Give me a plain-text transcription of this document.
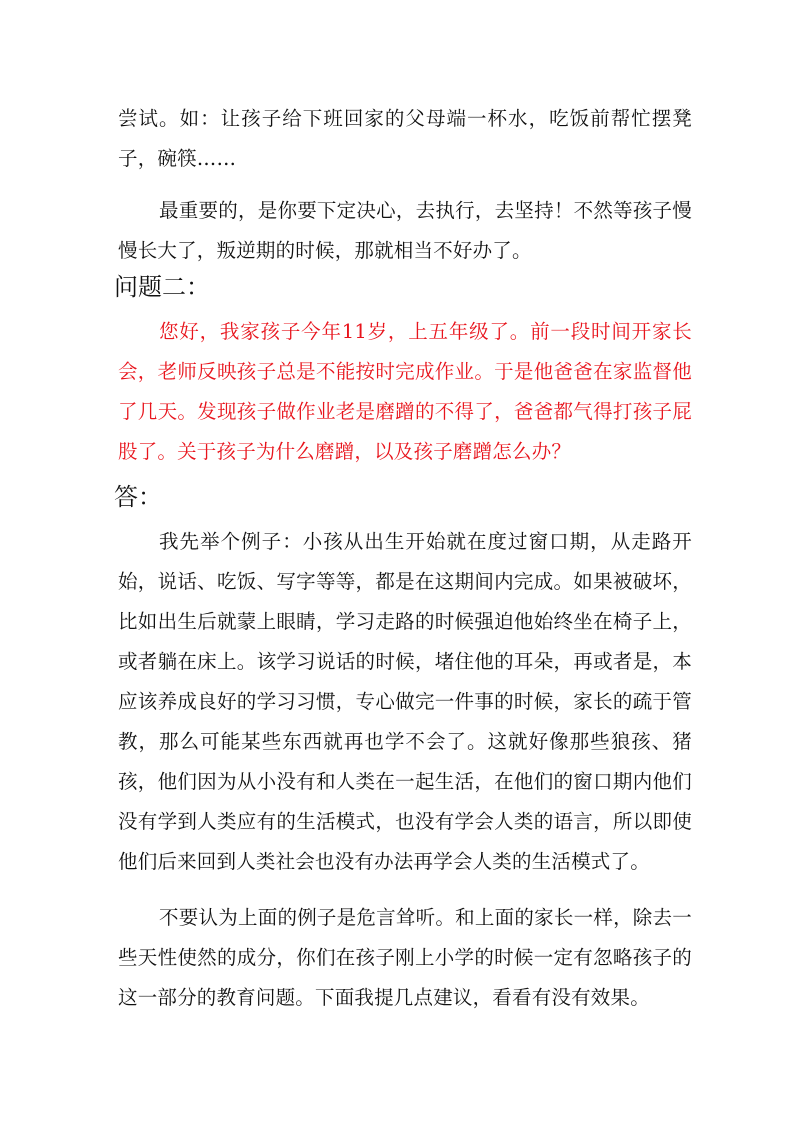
尝试。如：让孩子给下班回家的父母端一杯水，吃饭前帮忙摆凳子，碗筷……

最重要的，是你要下定决心，去执行，去坚持！不然等孩子慢慢长大了，叛逆期的时候，那就相当不好办了。

问题二：

您好，我家孩子今年11岁，上五年级了。前一段时间开家长会，老师反映孩子总是不能按时完成作业。于是他爸爸在家监督他了几天。发现孩子做作业老是磨蹭的不得了，爸爸都气得打孩子屁股了。关于孩子为什么磨蹭，以及孩子磨蹭怎么办？

答：

我先举个例子：小孩从出生开始就在度过窗口期，从走路开始，说话、吃饭、写字等等，都是在这期间内完成。如果被破坏，比如出生后就蒙上眼睛，学习走路的时候强迫他始终坐在椅子上，或者躺在床上。该学习说话的时候，堵住他的耳朵，再或者是，本应该养成良好的学习习惯，专心做完一件事的时候，家长的疏于管教，那么可能某些东西就再也学不会了。这就好像那些狼孩、猪孩，他们因为从小没有和人类在一起生活，在他们的窗口期内他们没有学到人类应有的生活模式，也没有学会人类的语言，所以即使他们后来回到人类社会也没有办法再学会人类的生活模式了。

不要认为上面的例子是危言耸听。和上面的家长一样，除去一些天性使然的成分，你们在孩子刚上小学的时候一定有忽略孩子的这一部分的教育问题。下面我提几点建议，看看有没有效果。
